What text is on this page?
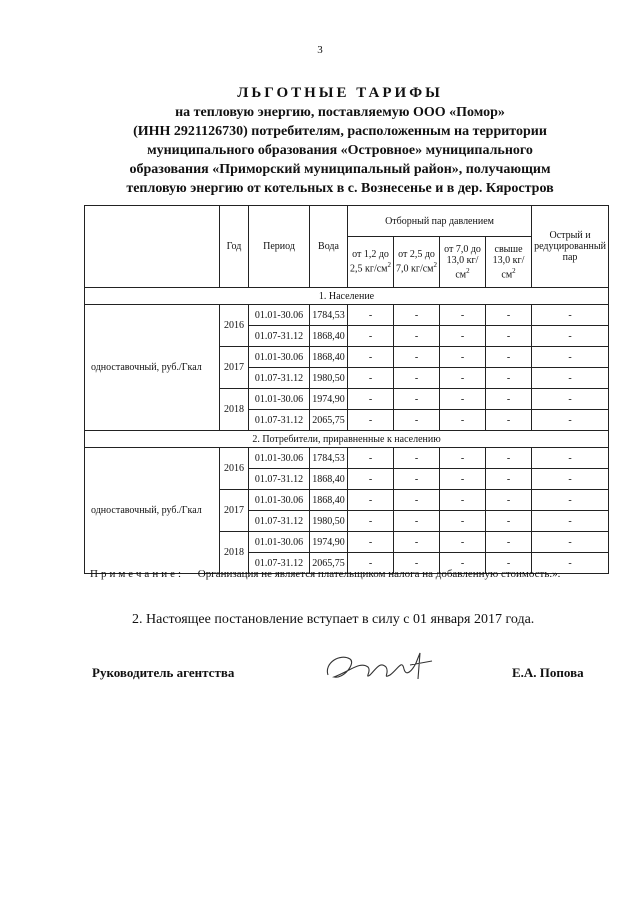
3
ЛЬГОТНЫЕ ТАРИФЫ
на тепловую энергию, поставляемую ООО «Помор»
(ИНН 2921126730) потребителям, расположенным на территории
муниципального образования «Островное» муниципального
образования «Приморский муниципальный район», получающим
тепловую энергию от котельных в с. Вознесенье и в дер. Кяростров
	Год	Период	Вода	Отборный пар давлением				Острый и редуцированный пар
				от 1,2 до 2,5 $кг/см^2$	от 2,5 до 7,0 $кг/см^2$	от 7,0 до 13,0 $кг/см^2$	свыше 13,0 $кг/см^2$
1. Население								
одноставочный, руб./Гкал	2016	01.01-30.06	1784,53	-	-	-	-	-
		01.07-31.12	1868,40	-	-	-	-	-
	2017	01.01-30.06	1868,40	-	-	-	-	-
		01.07-31.12	1980,50	-	-	-	-	-
	2018	01.01-30.06	1974,90	-	-	-	-	-
		01.07-31.12	2065,75	-	-	-	-	-
2. Потребители, приравненные к населению								
одноставочный, руб./Гкал	2016	01.01-30.06	1784,53	-	-	-	-	-
		01.07-31.12	1868,40	-	-	-	-	-
	2017	01.01-30.06	1868,40	-	-	-	-	-
		01.07-31.12	1980,50	-	-	-	-	-
	2018	01.01-30.06	1974,90	-	-	-	-	-
		01.07-31.12	2065,75	-	-	-	-	-
Примечание: Организация не является плательщиком налога на добавленную стоимость.».
2. Настоящее постановление вступает в силу с 01 января 2017 года.
Руководитель агентства	Е.А. Попова
